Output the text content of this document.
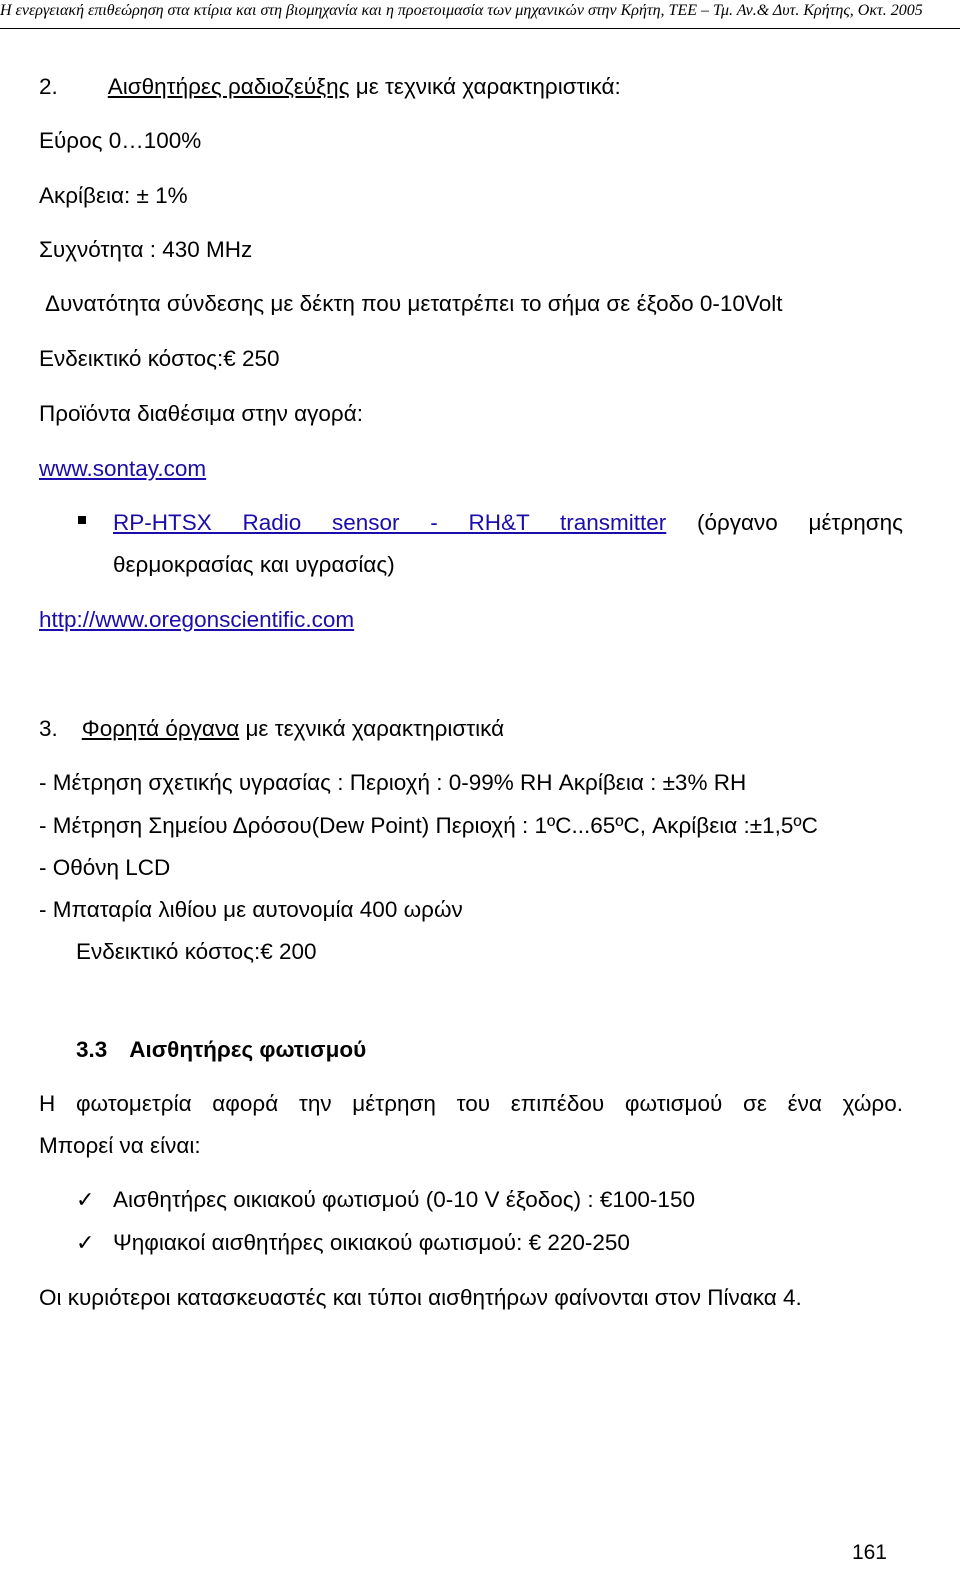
Η ενεργειακή επιθεώρηση στα κτίρια και στη βιομηχανία και η προετοιμασία των μηχανικών στην Κρήτη, ΤΕΕ – Τμ. Αν.& Δυτ. Κρήτης, Οκτ. 2005
2. Αισθητήρες ραδιοζεύξης με τεχνικά χαρακτηριστικά:
Εύρος 0…100%
Ακρίβεια: ± 1%
Συχνότητα : 430 MHz
Δυνατότητα σύνδεσης με δέκτη που μετατρέπει το σήμα σε έξοδο 0-10Volt
Ενδεικτικό κόστος:€ 250
Προϊόντα διαθέσιμα στην αγορά:
www.sontay.com
RP-HTSX Radio sensor - RH&T transmitter (όργανο μέτρησης
θερμοκρασίας και υγρασίας)
http://www.oregonscientific.com
3. Φορητά όργανα με τεχνικά χαρακτηριστικά
- Μέτρηση σχετικής υγρασίας : Περιοχή : 0-99% RH Ακρίβεια : ±3% RH
- Μέτρηση Σημείου Δρόσου(Dew Point) Περιοχή : 1ºC...65ºC, Ακρίβεια :±1,5ºC
- Οθόνη LCD
- Μπαταρία λιθίου με αυτονομία 400 ωρών
Ενδεικτικό κόστος:€ 200
3.3 Αισθητήρες φωτισμού
Η φωτομετρία αφορά την μέτρηση του επιπέδου φωτισμού σε ένα χώρο.
Μπορεί να είναι:
✓ Αισθητήρες οικιακού φωτισμού (0-10 V έξοδος) : €100-150
✓ Ψηφιακοί αισθητήρες οικιακού φωτισμού: € 220-250
Οι κυριότεροι κατασκευαστές και τύποι αισθητήρων φαίνονται στον Πίνακα 4.
161
